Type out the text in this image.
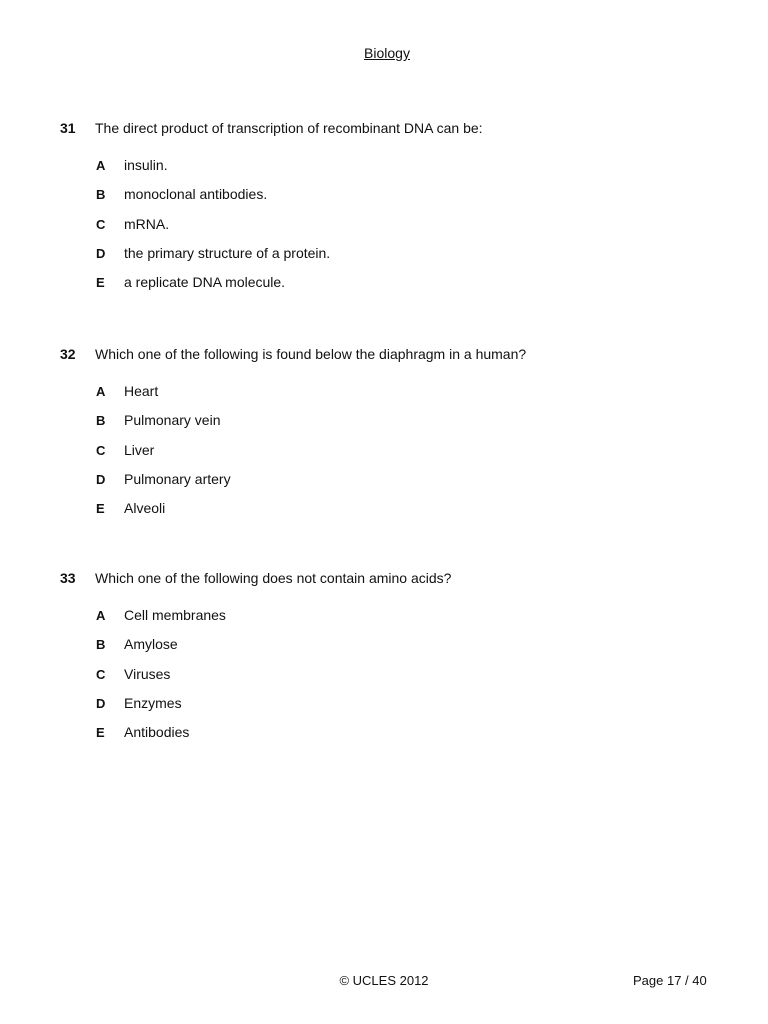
Biology
31	The direct product of transcription of recombinant DNA can be:
A	insulin.
B	monoclonal antibodies.
C	mRNA.
D	the primary structure of a protein.
E	a replicate DNA molecule.
32	Which one of the following is found below the diaphragm in a human?
A	Heart
B	Pulmonary vein
C	Liver
D	Pulmonary artery
E	Alveoli
33	Which one of the following does not contain amino acids?
A	Cell membranes
B	Amylose
C	Viruses
D	Enzymes
E	Antibodies
© UCLES 2012	Page 17 / 40
